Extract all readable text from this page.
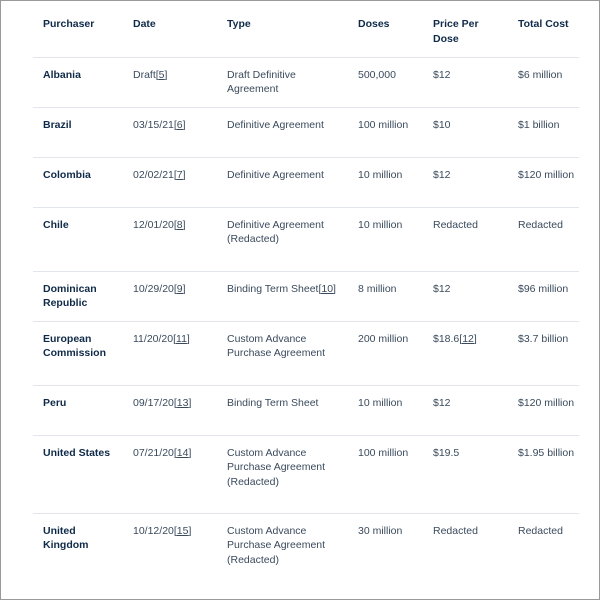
Purchaser	Date	Type	Doses	Price Per Dose	Total Cost
Albania	Draft[5]	Draft Definitive Agreement	500,000	$12	$6 million
Brazil	03/15/21[6]	Definitive Agreement	100 million	$10	$1 billion
Colombia	02/02/21[7]	Definitive Agreement	10 million	$12	$120 million
Chile	12/01/20[8]	Definitive Agreement (Redacted)	10 million	Redacted	Redacted
Dominican Republic	10/29/20[9]	Binding Term Sheet[10]	8 million	$12	$96 million
European Commission	11/20/20[11]	Custom Advance Purchase Agreement	200 million	$18.6[12]	$3.7 billion
Peru	09/17/20[13]	Binding Term Sheet	10 million	$12	$120 million
United States	07/21/20[14]	Custom Advance Purchase Agreement (Redacted)	100 million	$19.5	$1.95 billion
United Kingdom	10/12/20[15]	Custom Advance Purchase Agreement (Redacted)	30 million	Redacted	Redacted
